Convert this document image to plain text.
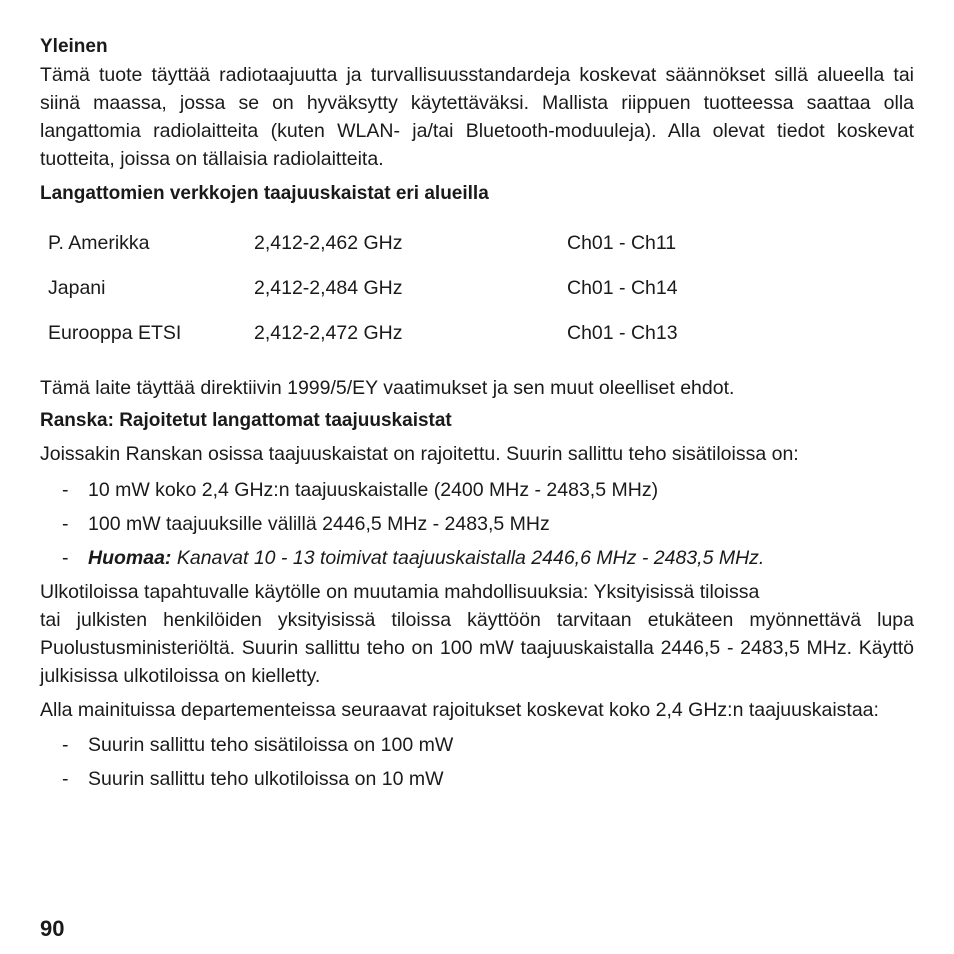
Yleinen

Tämä tuote täyttää radiotaajuutta ja turvallisuusstandardeja koskevat säännökset sillä alueella tai siinä maassa, jossa se on hyväksytty käytettäväksi. Mallista riippuen tuotteessa saattaa olla langattomia radiolaitteita (kuten WLAN- ja/tai Bluetooth-moduuleja). Alla olevat tiedot koskevat tuotteita, joissa on tällaisia radiolaitteita.

Langattomien verkkojen taajuuskaistat eri alueilla

P. Amerikka	2,412-2,462 GHz	Ch01 - Ch11
Japani	2,412-2,484 GHz	Ch01 - Ch14
Eurooppa ETSI	2,412-2,472 GHz	Ch01 - Ch13

Tämä laite täyttää direktiivin 1999/5/EY vaatimukset ja sen muut oleelliset ehdot.

Ranska: Rajoitetut langattomat taajuuskaistat

Joissakin Ranskan osissa taajuuskaistat on rajoitettu. Suurin sallittu teho sisätiloissa on:

- 10 mW koko 2,4 GHz:n taajuuskaistalle (2400 MHz - 2483,5 MHz)
- 100 mW taajuuksille välillä 2446,5 MHz - 2483,5 MHz
- Huomaa: Kanavat 10 - 13 toimivat taajuuskaistalla 2446,6 MHz - 2483,5 MHz.

Ulkotiloissa tapahtuvalle käytölle on muutamia mahdollisuuksia: Yksityisissä tiloissa
tai julkisten henkilöiden yksityisissä tiloissa käyttöön tarvitaan etukäteen myönnettävä lupa Puolustusministeriöltä. Suurin sallittu teho on 100 mW taajuuskaistalla 2446,5 - 2483,5 MHz. Käyttö julkisissa ulkotiloissa on kielletty.

Alla mainituissa departementeissa seuraavat rajoitukset koskevat koko 2,4 GHz:n taajuuskaistaa:

- Suurin sallittu teho sisätiloissa on 100 mW
- Suurin sallittu teho ulkotiloissa on 10 mW
90
